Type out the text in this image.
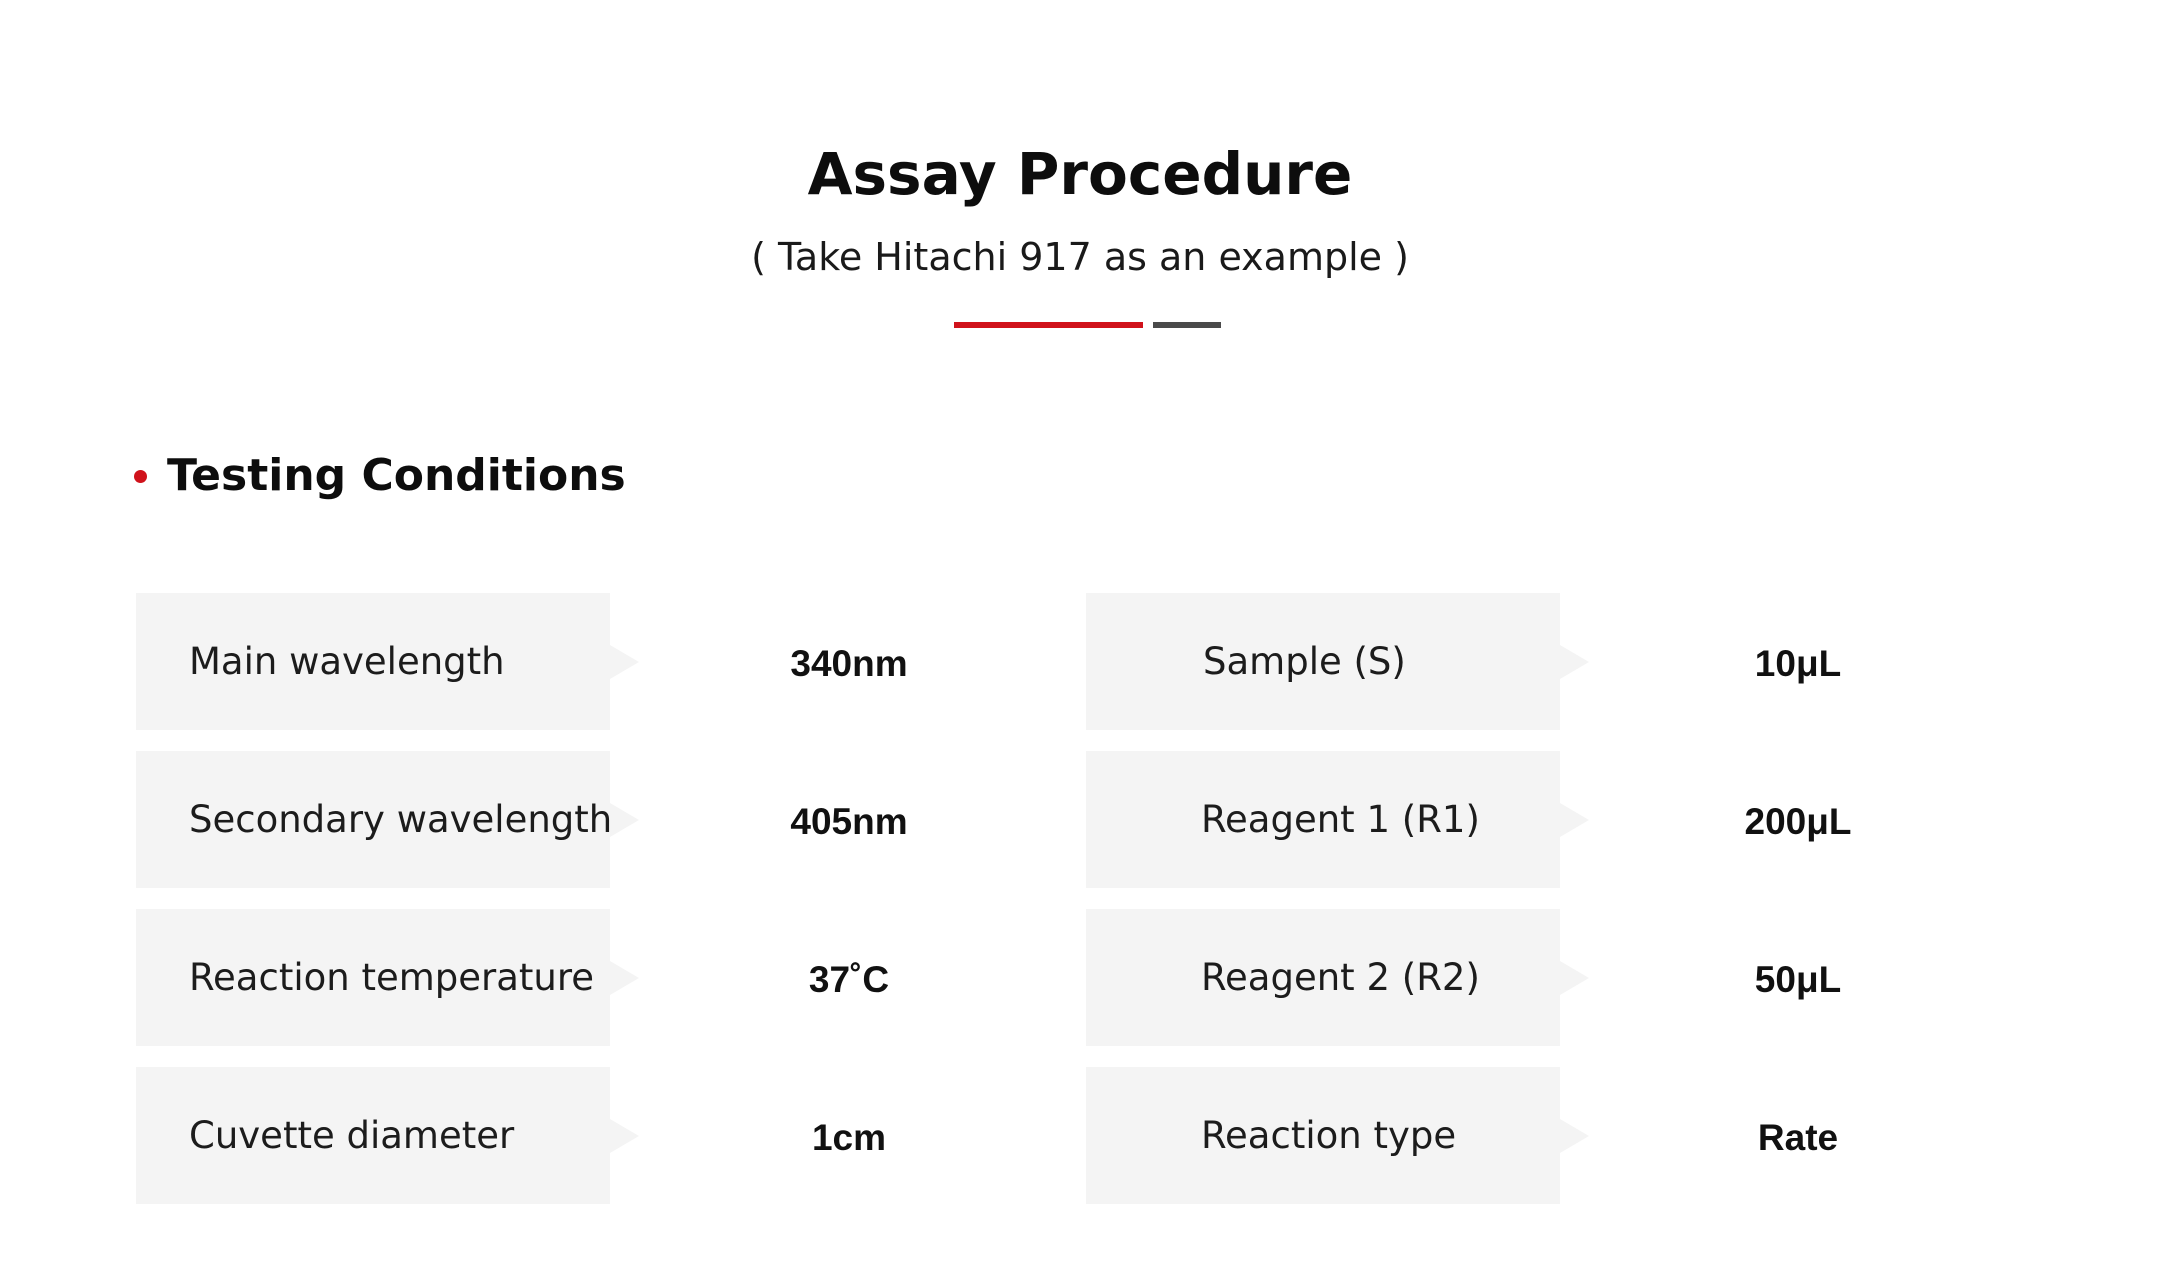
Assay Procedure
( Take Hitachi 917 as an example )
Testing Conditions
Main wavelength	340nm
Secondary wavelength	405nm
Reaction temperature	37˚C
Cuvette diameter	1cm
Sample (S)	10μL
Reagent 1 (R1)	200μL
Reagent 2 (R2)	50μL
Reaction type	Rate
